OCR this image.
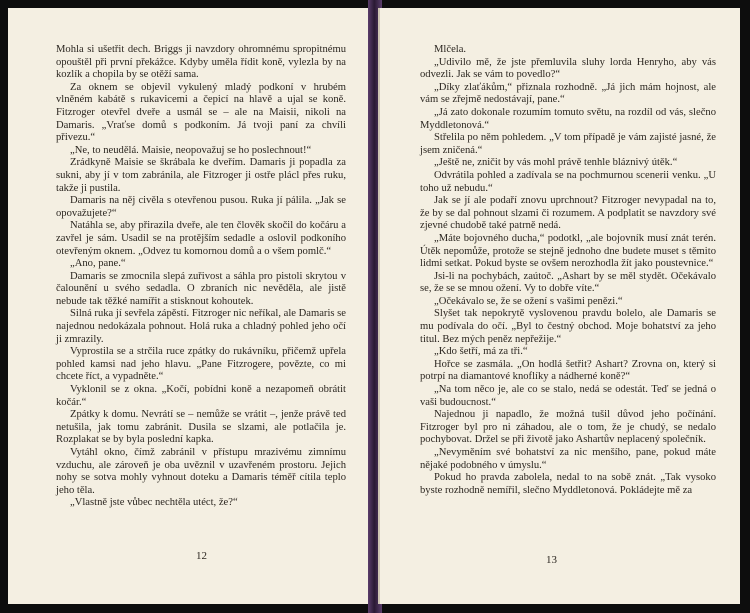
Mohla si ušetřit dech. Briggs ji navzdory ohromnému spropitnému opouštěl při první překážce. Kdyby uměla řídit koně, vylezla by na kozlík a chopila by se otěží sama.

Za oknem se objevil vykulený mladý podkoní v hrubém vlněném kabátě s rukavicemi a čepicí na hlavě a ujal se koně. Fitzroger otevřel dveře a usmál se – ale na Maisii, nikoli na Damaris. „Vraťse domů s podkoním. Já tvoji paní za chvíli přivezu.“

„Ne, to neudělá. Maisie, neopovažuj se ho poslechnout!“

Zrádkyně Maisie se škrábala ke dveřím. Damaris ji popadla za sukni, aby jí v tom zabránila, ale Fitzroger ji ostře plácl přes ruku, takže ji pustila.

Damaris na něj civěla s otevřenou pusou. Ruka jí pálila. „Jak se opovažujete?“

Natáhla se, aby přirazila dveře, ale ten člověk skočil do kočáru a zavřel je sám. Usadil se na protějším sedadle a oslovil podkoního otevřeným oknem. „Odvez tu komornou domů a o všem pomlč.“

„Ano, pane.“

Damaris se zmocnila slepá zuřivost a sáhla pro pistoli skrytou v čalounění u svého sedadla. O zbraních nic nevěděla, ale jistě nebude tak těžké namířit a stisknout kohoutek.

Silná ruka jí sevřela zápěstí. Fitzroger nic neříkal, ale Damaris se najednou nedokázala pohnout. Holá ruka a chladný pohled jeho očí ji zmrazily.

Vyprostila se a strčila ruce zpátky do rukávníku, přičemž upřela pohled kamsi nad jeho hlavu. „Pane Fitzrogere, povězte, co mi chcete říct, a vypadněte.“

Vyklonil se z okna. „Kočí, pobídni koně a nezapomeň obrátit kočár.“

Zpátky k domu. Nevrátí se – nemůže se vrátit –, jenže právě ted netušila, jak tomu zabránit. Dusila se slzami, ale potlačila je. Rozplakat se by byla poslední kapka.

Vytáhl okno, čímž zabránil v přístupu mrazivému zimnímu vzduchu, ale zároveň je oba uvěznil v uzavřeném prostoru. Jejich nohy se sotva mohly vyhnout doteku a Damaris téměř cítila teplo jeho těla.

„Vlastně jste vůbec nechtěla utéct, že?“

12

Mlčela.

„Udivilo mě, že jste přemluvila sluhy lorda Henryho, aby vás odvezli. Jak se vám to povedlo?“

„Díky zlaťákům,“ přiznala rozhodně. „Já jich mám hojnost, ale vám se zřejmě nedostávají, pane.“

„Já zato dokonale rozumím tomuto světu, na rozdíl od vás, slečno Myddletonová.“

Střelila po něm pohledem. „V tom případě je vám zajisté jasné, že jsem zničená.“

„Ještě ne, zničit by vás mohl právě tenhle bláznivý útěk.“

Odvrátila pohled a zadívala se na pochmurnou scenerii venku. „U toho už nebudu.“

Jak se jí ale podaří znovu uprchnout? Fitzroger nevypadal na to, že by se dal pohnout slzami či rozumem. A podplatit se navzdory své zjevné chudobě také patrně nedá.

„Máte bojovného ducha,“ podotkl, „ale bojovník musí znát terén. Útěk nepomůže, protože se stejně jednoho dne budete muset s těmito lidmi setkat. Pokud byste se ovšem nerozhodla žít jako poustevnice.“

Jsi-li na pochybách, zaútoč. „Ashart by se měl stydět. Očekávalo se, že se se mnou ožení. Vy to dobře víte.“

„Očekávalo se, že se ožení s vašimi penězi.“

Slyšet tak nepokrytě vyslovenou pravdu bolelo, ale Damaris se mu podívala do očí. „Byl to čestný obchod. Moje bohatství za jeho titul. Bez mých peněz nepřežije.“

„Kdo šetří, má za tři.“

Hořce se zasmála. „On hodlá šetřit? Ashart? Zrovna on, který si potrpí na diamantové knoflíky a nádherné koně?“

„Na tom něco je, ale co se stalo, nedá se odestát. Teď se jedná o vaši budoucnost.“

Najednou ji napadlo, že možná tušil důvod jeho počínání. Fitzroger byl pro ni záhadou, ale o tom, že je chudý, se nedalo pochybovat. Držel se při životě jako Ashartův neplacený společník.

„Nevyměním své bohatství za nic menšího, pane, pokud máte nějaké podobného v úmyslu.“

Pokud ho pravda zabolela, nedal to na sobě znát. „Tak vysoko byste rozhodně nemířil, slečno Myddletonová. Pokládejte mě za

13
